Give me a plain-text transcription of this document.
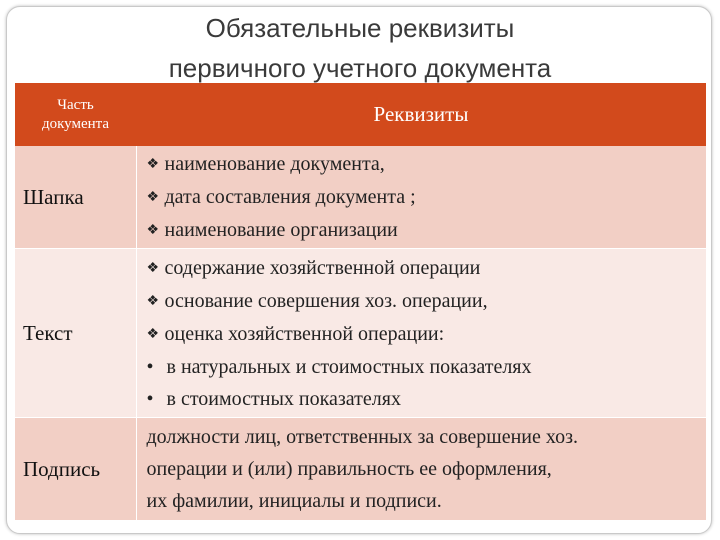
Обязательные реквизиты
первичного учетного документа
Часть
документа	Реквизиты
Шапка	❖ наименование документа,
❖ дата составления документа ;
❖ наименование организации

Текст	❖ содержание хозяйственной операции
❖ основание совершения хоз. операции,
❖ оценка хозяйственной операции:
• в натуральных и стоимостных показателях
• в стоимостных показателях

Подпись	должности лиц, ответственных за совершение хоз.
операции и (или) правильность ее оформления,
их фамилии, инициалы и подписи.
